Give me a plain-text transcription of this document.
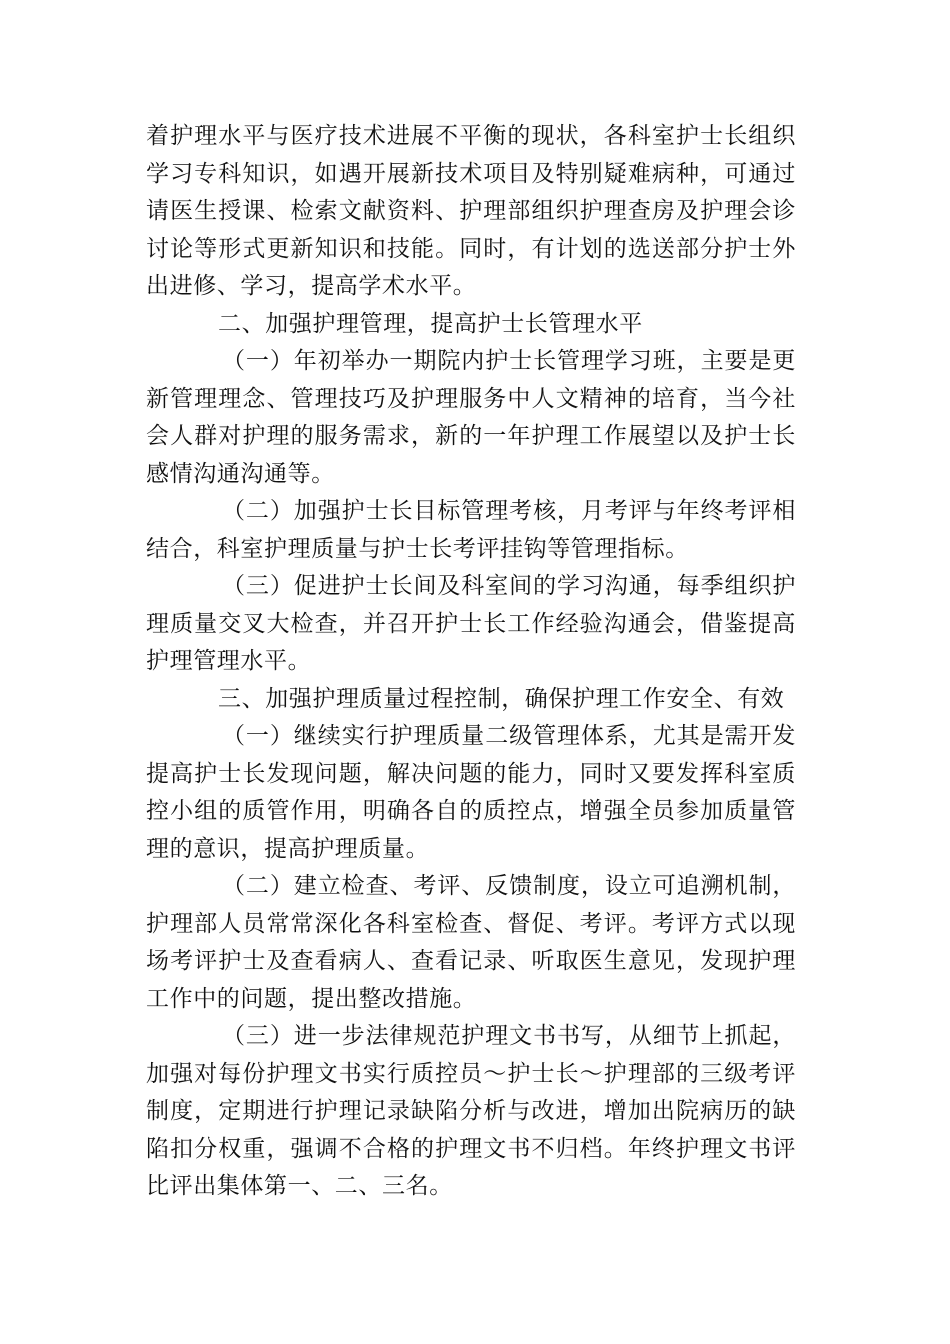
着护理水平与医疗技术进展不平衡的现状，各科室护士长组织学习专科知识，如遇开展新技术项目及特别疑难病种，可通过请医生授课、检索文献资料、护理部组织护理查房及护理会诊讨论等形式更新知识和技能。同时，有计划的选送部分护士外出进修、学习，提高学术水平。

二、加强护理管理，提高护士长管理水平

（一）年初举办一期院内护士长管理学习班，主要是更新管理理念、管理技巧及护理服务中人文精神的培育，当今社会人群对护理的服务需求，新的一年护理工作展望以及护士长感情沟通沟通等。

（二）加强护士长目标管理考核，月考评与年终考评相结合，科室护理质量与护士长考评挂钩等管理指标。

（三）促进护士长间及科室间的学习沟通，每季组织护理质量交叉大检查，并召开护士长工作经验沟通会，借鉴提高护理管理水平。

三、加强护理质量过程控制，确保护理工作安全、有效

（一）继续实行护理质量二级管理体系，尤其是需开发提高护士长发现问题，解决问题的能力，同时又要发挥科室质控小组的质管作用，明确各自的质控点，增强全员参加质量管理的意识，提高护理质量。

（二）建立检查、考评、反馈制度，设立可追溯机制，护理部人员常常深化各科室检查、督促、考评。考评方式以现场考评护士及查看病人、查看记录、听取医生意见，发现护理工作中的问题，提出整改措施。

（三）进一步法律规范护理文书书写，从细节上抓起，加强对每份护理文书实行质控员～护士长～护理部的三级考评制度，定期进行护理记录缺陷分析与改进，增加出院病历的缺陷扣分权重，强调不合格的护理文书不归档。年终护理文书评比评出集体第一、二、三名。
